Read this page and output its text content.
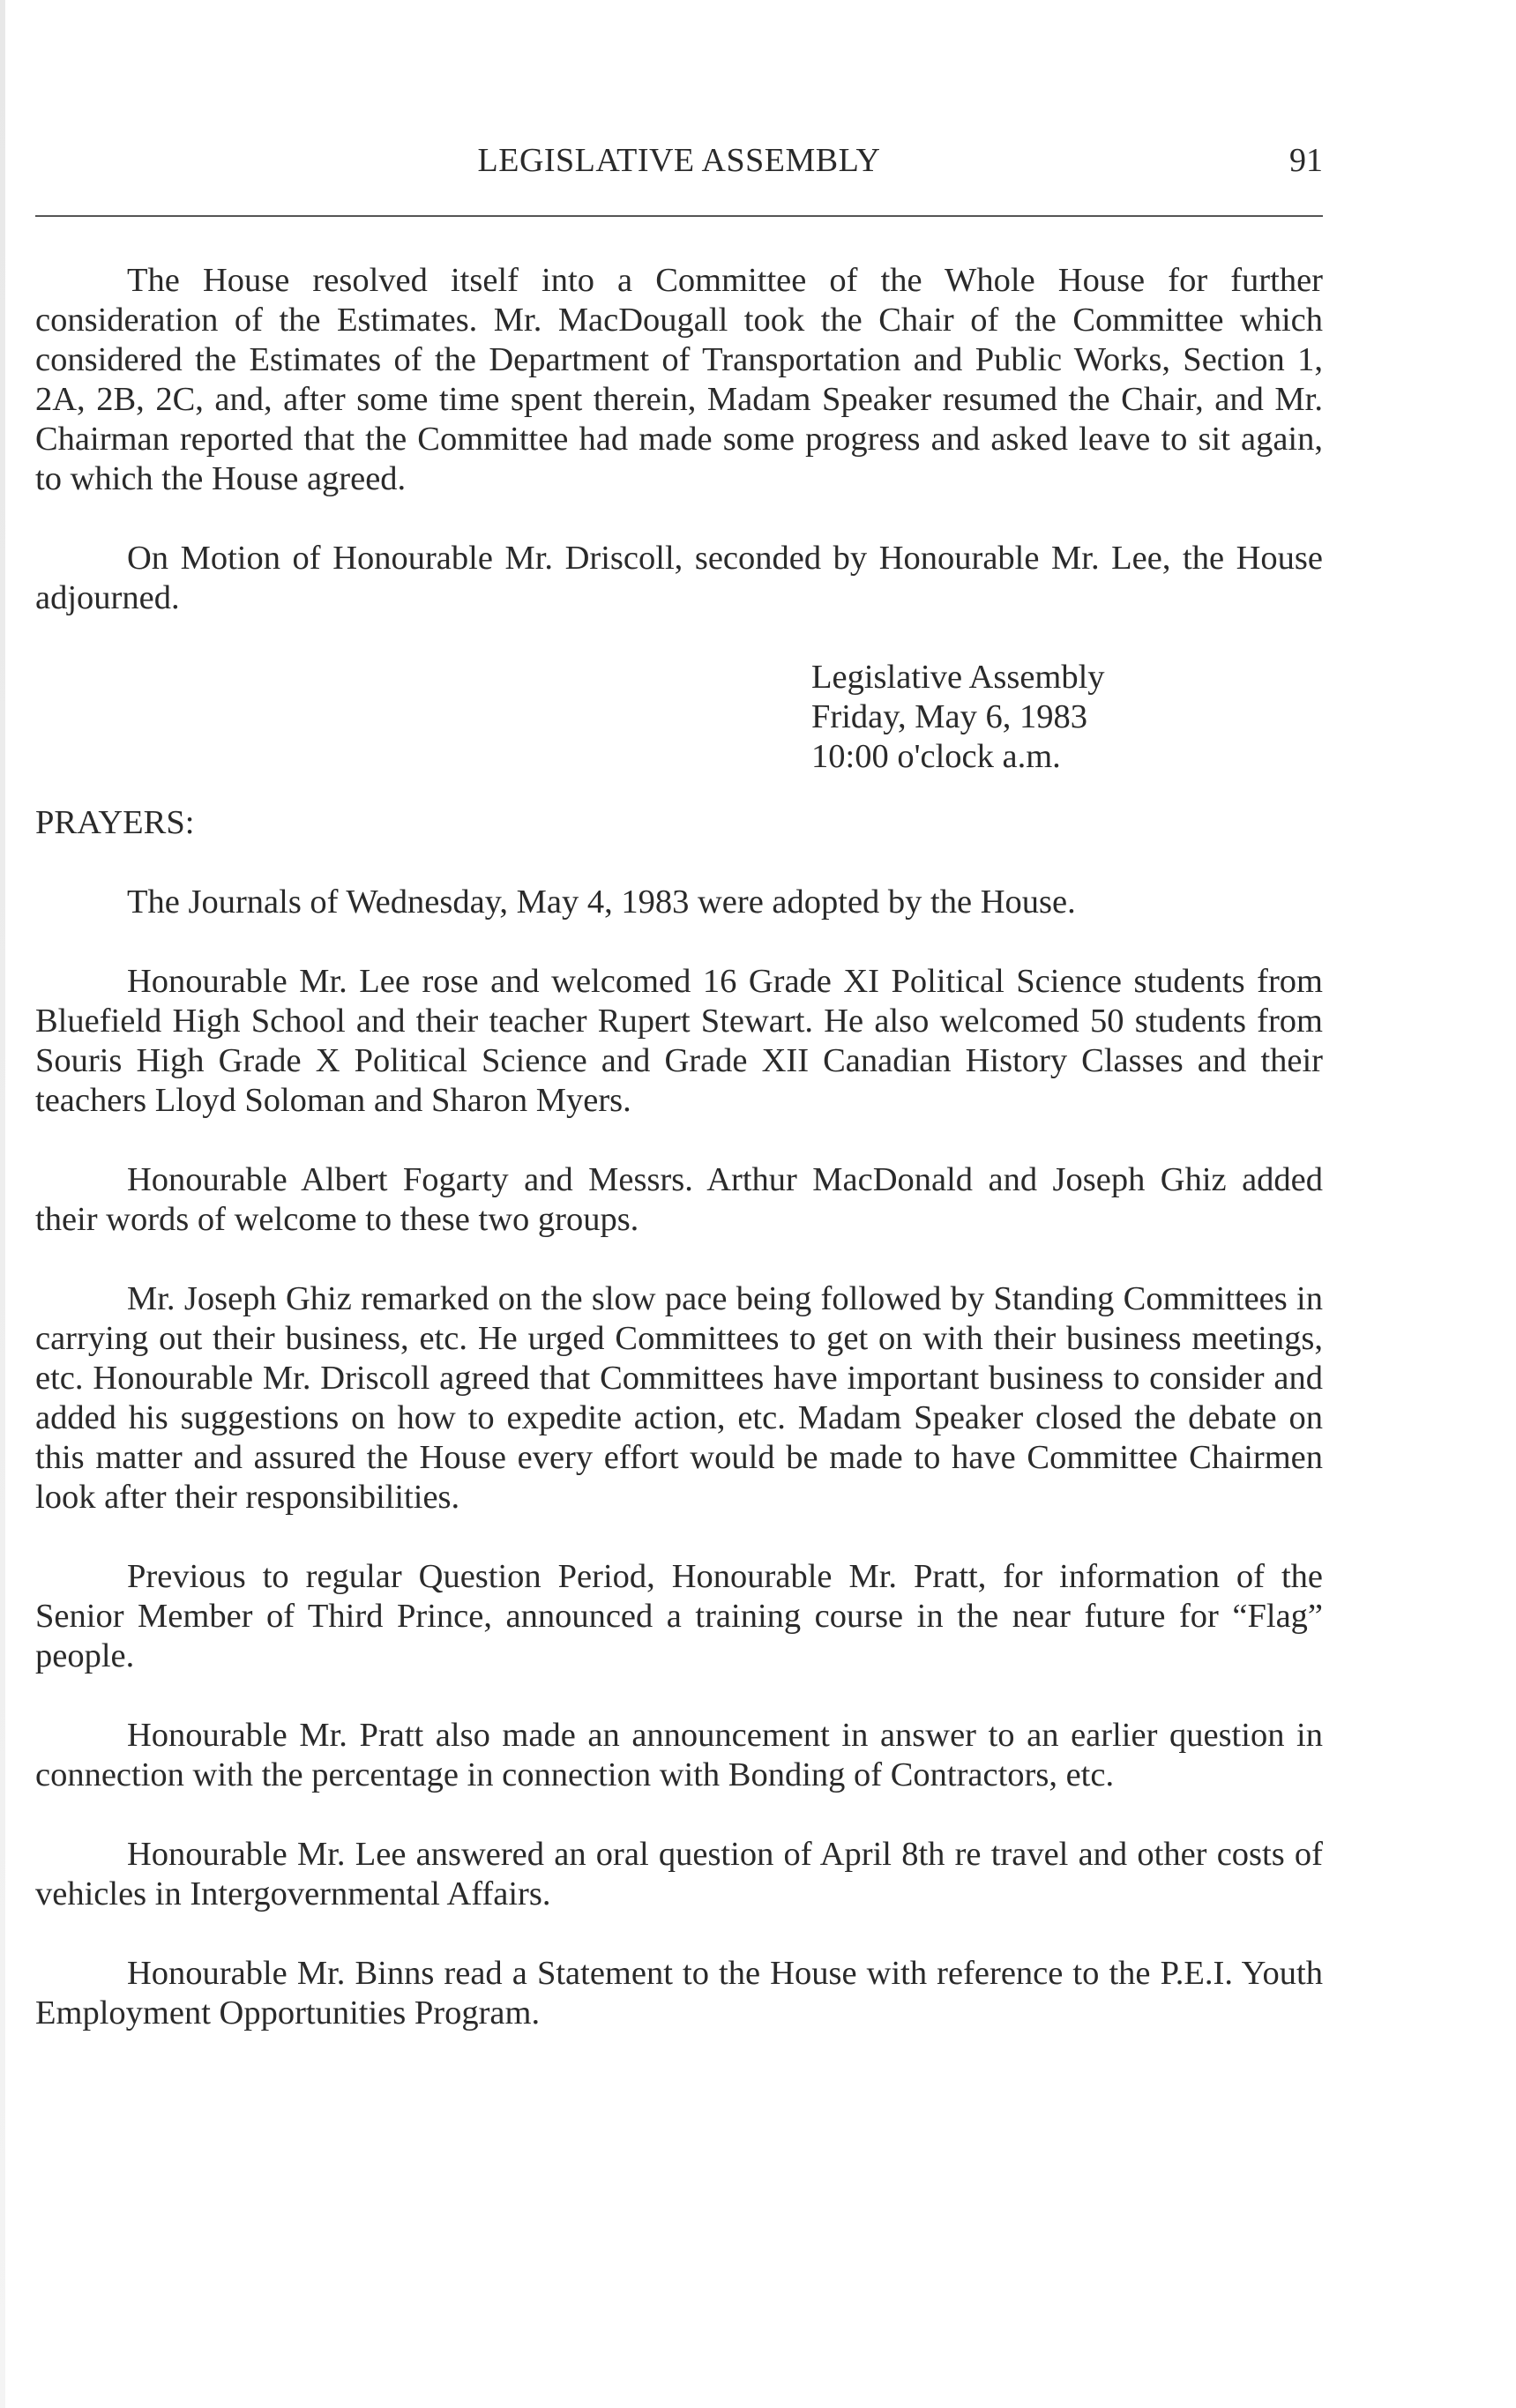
LEGISLATIVE ASSEMBLY	91

The House resolved itself into a Committee of the Whole House for further consideration of the Estimates. Mr. MacDougall took the Chair of the Committee which considered the Estimates of the Department of Transportation and Public Works, Section 1, 2A, 2B, 2C, and, after some time spent therein, Madam Speaker resumed the Chair, and Mr. Chairman reported that the Committee had made some progress and asked leave to sit again, to which the House agreed.

On Motion of Honourable Mr. Driscoll, seconded by Honourable Mr. Lee, the House adjourned.

Legislative Assembly
Friday, May 6, 1983
10:00 o'clock a.m.
PRAYERS:

The Journals of Wednesday, May 4, 1983 were adopted by the House.

Honourable Mr. Lee rose and welcomed 16 Grade XI Political Science students from Bluefield High School and their teacher Rupert Stewart. He also welcomed 50 students from Souris High Grade X Political Science and Grade XII Canadian History Classes and their teachers Lloyd Soloman and Sharon Myers.

Honourable Albert Fogarty and Messrs. Arthur MacDonald and Joseph Ghiz added their words of welcome to these two groups.

Mr. Joseph Ghiz remarked on the slow pace being followed by Standing Committees in carrying out their business, etc. He urged Committees to get on with their business meetings, etc. Honourable Mr. Driscoll agreed that Committees have important business to consider and added his suggestions on how to expedite action, etc. Madam Speaker closed the debate on this matter and assured the House every effort would be made to have Committee Chairmen look after their responsibilities.

Previous to regular Question Period, Honourable Mr. Pratt, for information of the Senior Member of Third Prince, announced a training course in the near future for “Flag” people.

Honourable Mr. Pratt also made an announcement in answer to an earlier question in connection with the percentage in connection with Bonding of Contractors, etc.

Honourable Mr. Lee answered an oral question of April 8th re travel and other costs of vehicles in Intergovernmental Affairs.

Honourable Mr. Binns read a Statement to the House with reference to the P.E.I. Youth Employment Opportunities Program.
